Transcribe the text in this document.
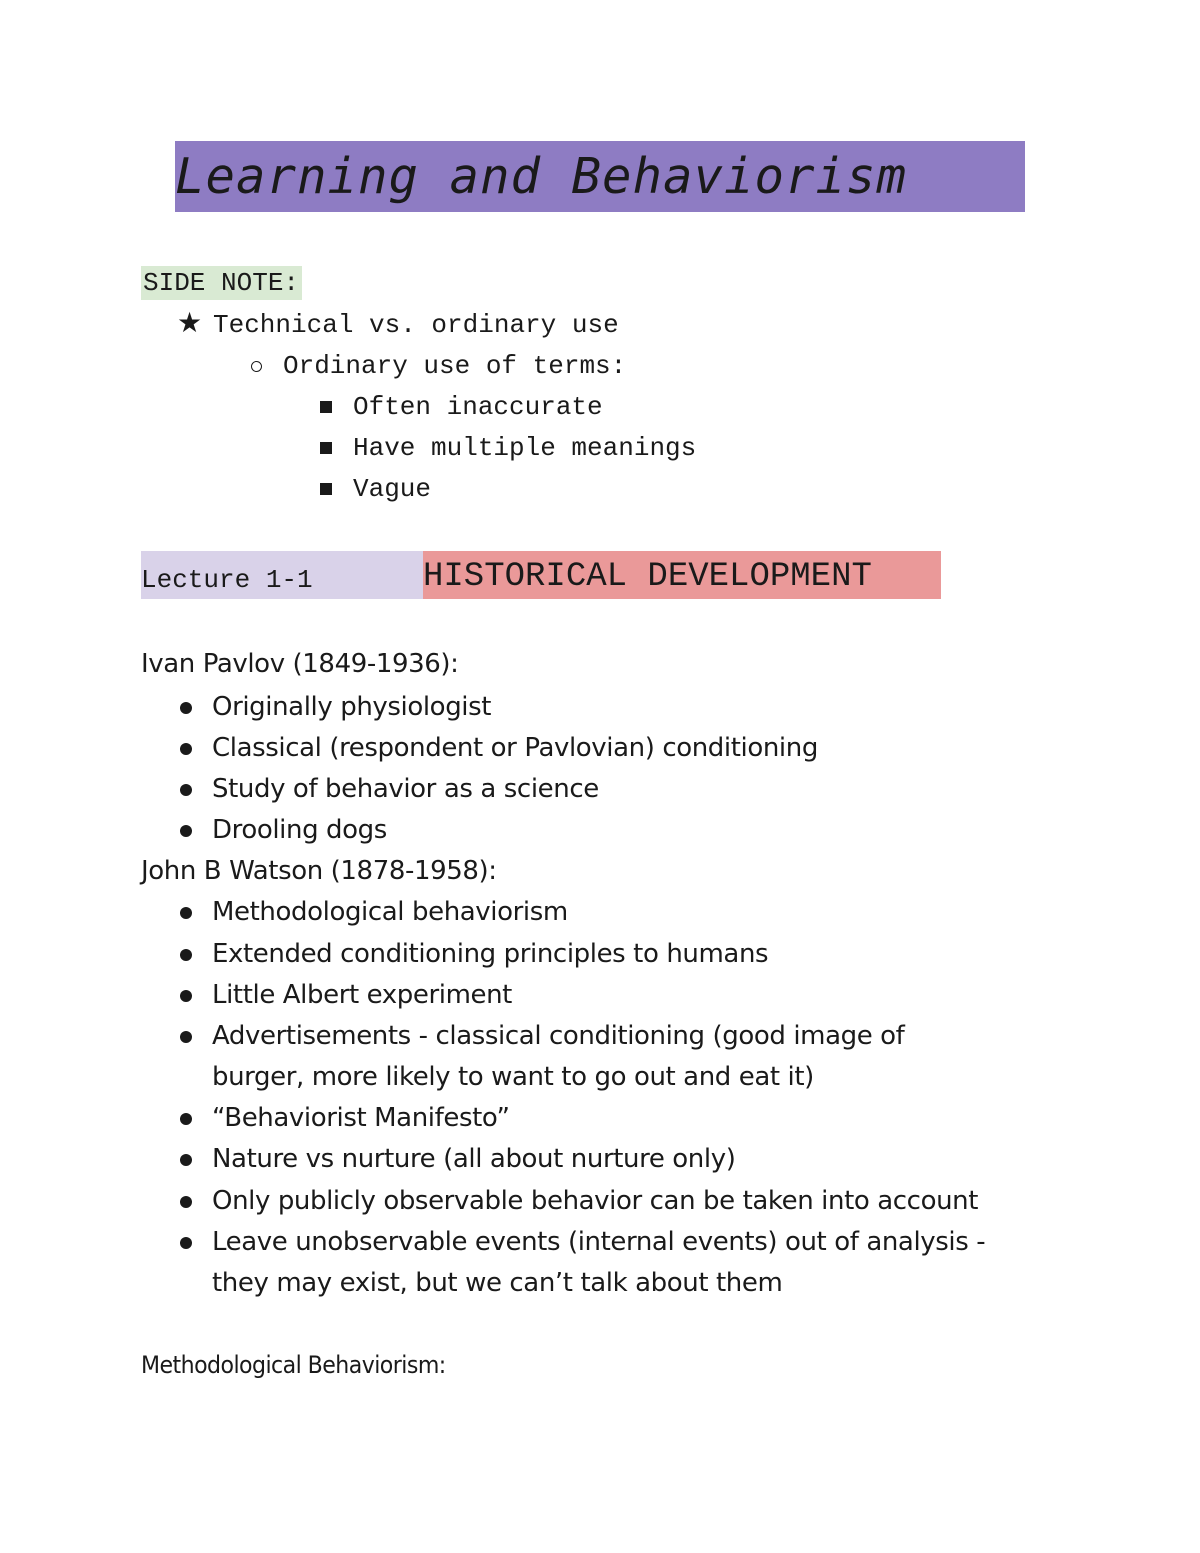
Learning and Behaviorism
SIDE NOTE:
★ Technical vs. ordinary use
Ordinary use of terms:
Often inaccurate
Have multiple meanings
Vague
Lecture 1-1	HISTORICAL DEVELOPMENT
Ivan Pavlov (1849-1936):
Originally physiologist
Classical (respondent or Pavlovian) conditioning
Study of behavior as a science
Drooling dogs
John B Watson (1878-1958):
Methodological behaviorism
Extended conditioning principles to humans
Little Albert experiment
Advertisements - classical conditioning (good image of
burger, more likely to want to go out and eat it)
“Behaviorist Manifesto”
Nature vs nurture (all about nurture only)
Only publicly observable behavior can be taken into account
Leave unobservable events (internal events) out of analysis -
they may exist, but we can’t talk about them
Methodological Behaviorism:
